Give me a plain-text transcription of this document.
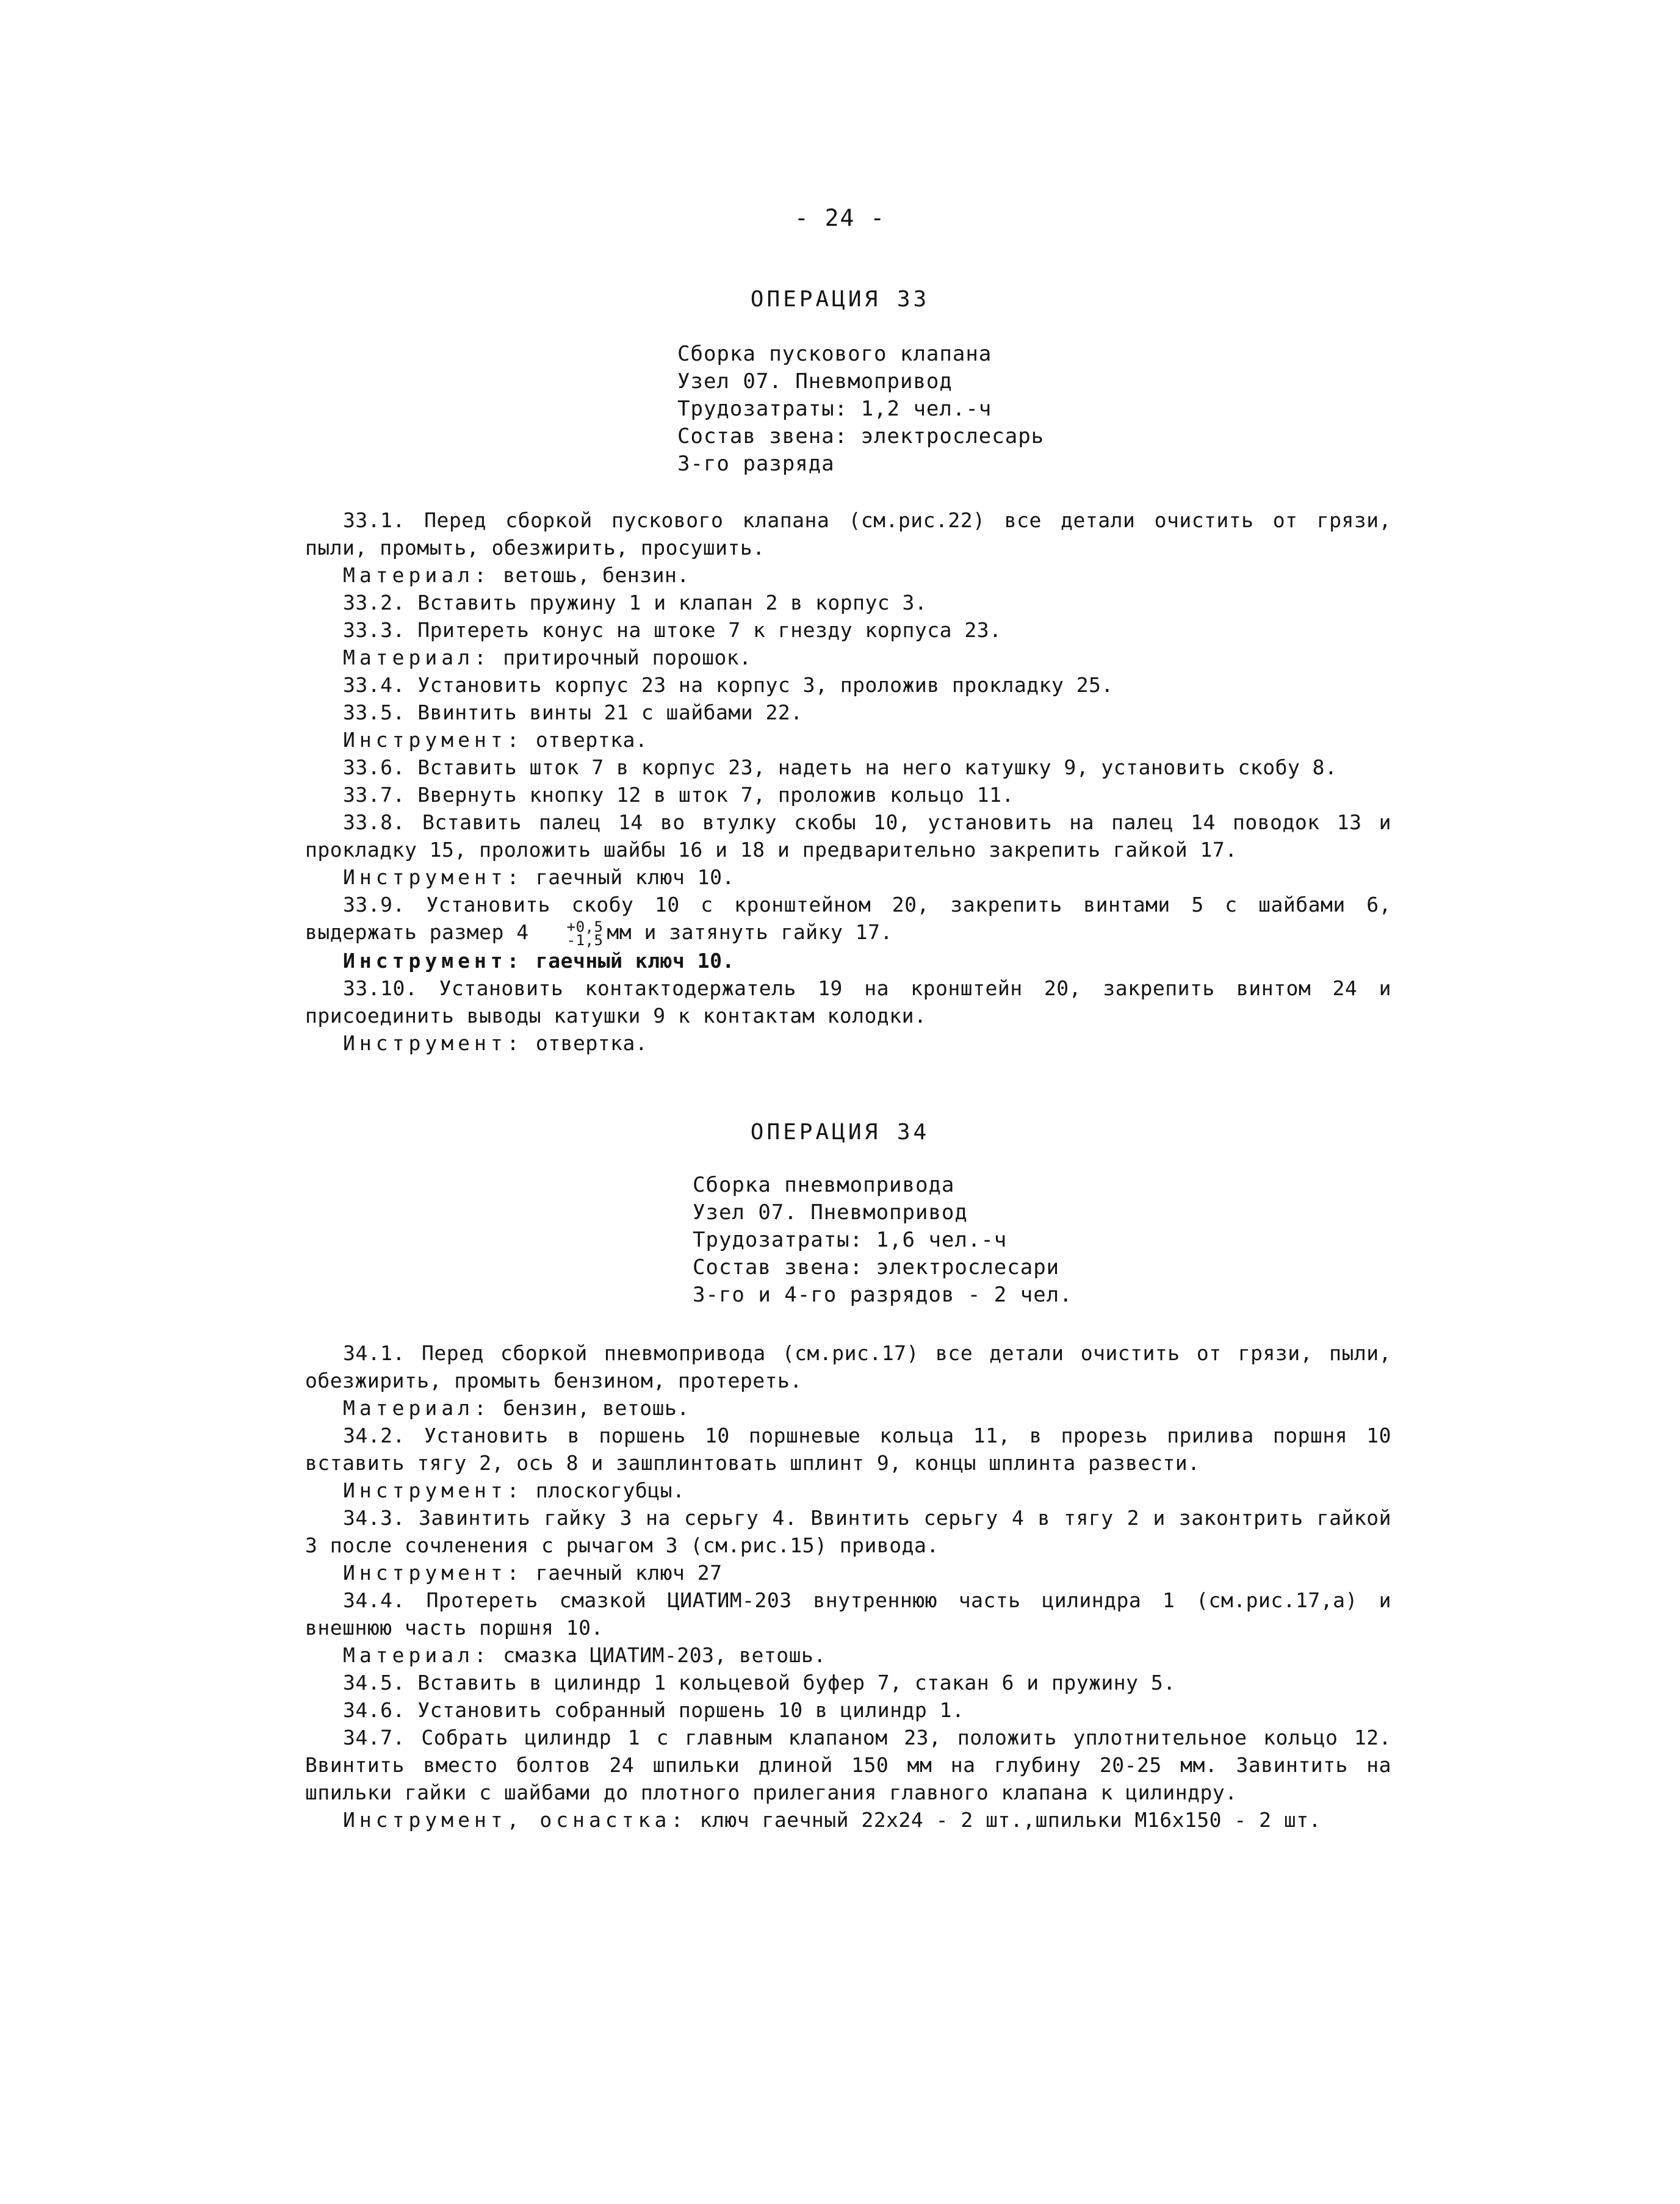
- 24 -
ОПЕРАЦИЯ 33
Сборка пускового клапана
Узел 07. Пневмопривод
Трудозатраты: 1,2 чел.-ч
Состав звена: электрослесарь
3-го разряда
33.1. Перед сборкой пускового клапана (см.рис.22) все детали очистить от грязи, пыли, промыть, обезжирить, просушить.
Материал: ветошь, бензин.
33.2. Вставить пружину 1 и клапан 2 в корпус 3.
33.3. Притереть конус на штоке 7 к гнезду корпуса 23.
Материал: притирочный порошок.
33.4. Установить корпус 23 на корпус 3, проложив прокладку 25.
33.5. Ввинтить винты 21 с шайбами 22.
Инструмент: отвертка.
33.6. Вставить шток 7 в корпус 23, надеть на него катушку 9, установить скобу 8.
33.7. Ввернуть кнопку 12 в шток 7, проложив кольцо 11.
33.8. Вставить палец 14 во втулку скобы 10, установить на палец 14 поводок 13 и прокладку 15, проложить шайбы 16 и 18 и предварительно закрепить гайкой 17.
Инструмент: гаечный ключ 10.
33.9. Установить скобу 10 с кронштейном 20, закрепить винтами 5 с шайбами 6, выдержать размер 4	+0,5
-1,5 мм и затянуть гайку 17.
Инструмент: гаечный ключ 10.
33.10. Установить контактодержатель 19 на кронштейн 20, закрепить винтом 24 и присоединить выводы катушки 9 к контактам колодки.
Инструмент: отвертка.
ОПЕРАЦИЯ 34
Сборка пневмопривода
Узел 07. Пневмопривод
Трудозатраты: 1,6 чел.-ч
Состав звена: электрослесари
3-го и 4-го разрядов - 2 чел.
34.1. Перед сборкой пневмопривода (см.рис.17) все детали очистить от грязи, пыли, обезжирить, промыть бензином, протереть.
Материал: бензин, ветошь.
34.2. Установить в поршень 10 поршневые кольца 11, в прорезь прилива поршня 10 вставить тягу 2, ось 8 и зашплинтовать шплинт 9, концы шплинта развести.
Инструмент: плоскогубцы.
34.3. Завинтить гайку 3 на серьгу 4. Ввинтить серьгу 4 в тягу 2 и законтрить гайкой 3 после сочленения с рычагом 3 (см.рис.15) привода.
Инструмент: гаечный ключ 27
34.4. Протереть смазкой ЦИАТИМ-203 внутреннюю часть цилиндра 1 (см.рис.17,а) и внешнюю часть поршня 10.
Материал: смазка ЦИАТИМ-203, ветошь.
34.5. Вставить в цилиндр 1 кольцевой буфер 7, стакан 6 и пружину 5.
34.6. Установить собранный поршень 10 в цилиндр 1.
34.7. Собрать цилиндр 1 с главным клапаном 23, положить уплотнительное кольцо 12. Ввинтить вместо болтов 24 шпильки длиной 150 мм на глубину 20-25 мм. Завинтить на шпильки гайки с шайбами до плотного прилегания главного клапана к цилиндру.
Инструмент, оснастка: ключ гаечный 22х24 - 2 шт.,шпильки М16х150 - 2 шт.
